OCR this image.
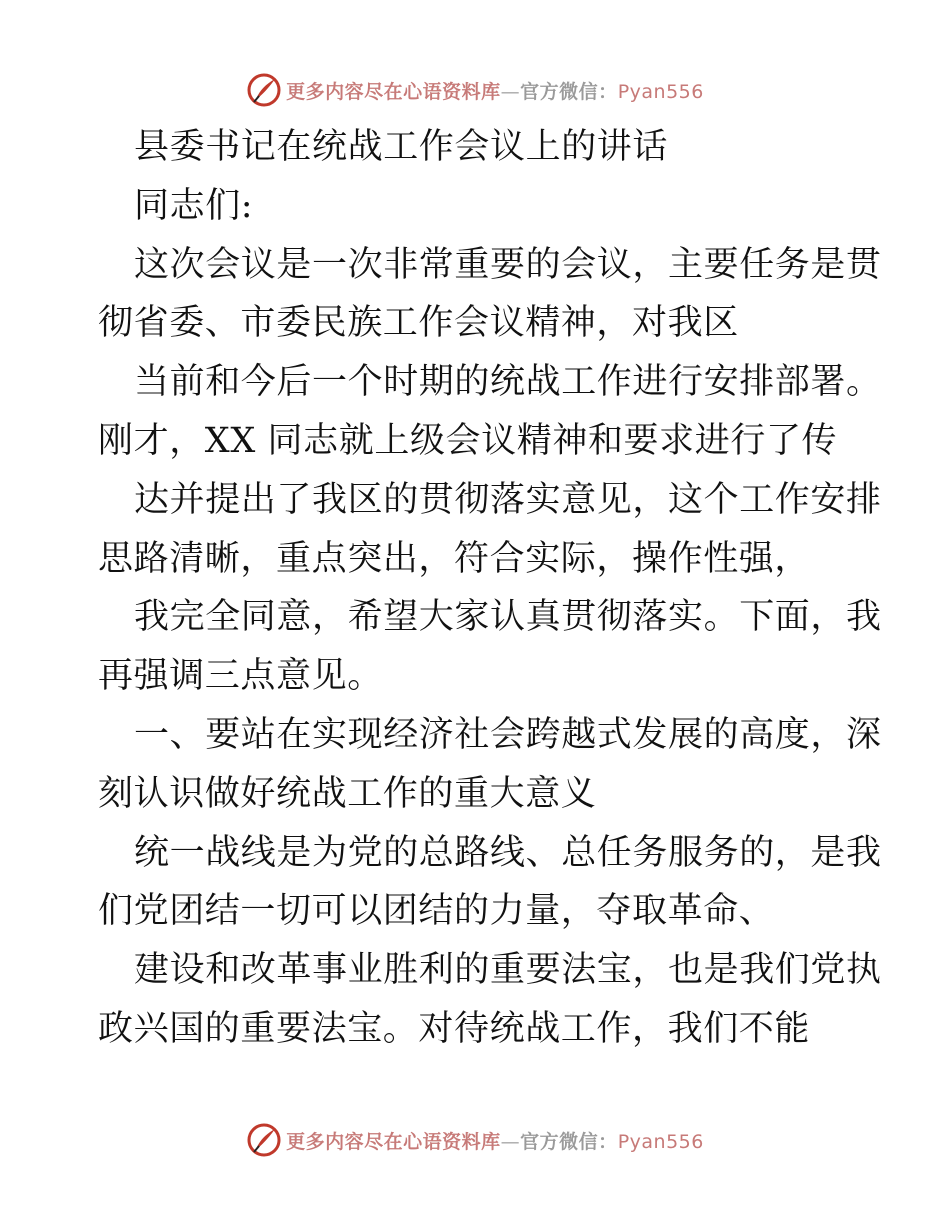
更多内容尽在心语资料库—官方微信：Pyan556
县委书记在统战工作会议上的讲话
同志们:
这次会议是一次非常重要的会议，主要任务是贯
彻省委、市委民族工作会议精神，对我区
当前和今后一个时期的统战工作进行安排部署。
刚才，XX 同志就上级会议精神和要求进行了传
达并提出了我区的贯彻落实意见，这个工作安排
思路清晰，重点突出，符合实际，操作性强，
我完全同意，希望大家认真贯彻落实。下面，我
再强调三点意见。
一、要站在实现经济社会跨越式发展的高度，深
刻认识做好统战工作的重大意义
统一战线是为党的总路线、总任务服务的，是我
们党团结一切可以团结的力量，夺取革命、
建设和改革事业胜利的重要法宝，也是我们党执
政兴国的重要法宝。对待统战工作，我们不能
更多内容尽在心语资料库—官方微信：Pyan556
